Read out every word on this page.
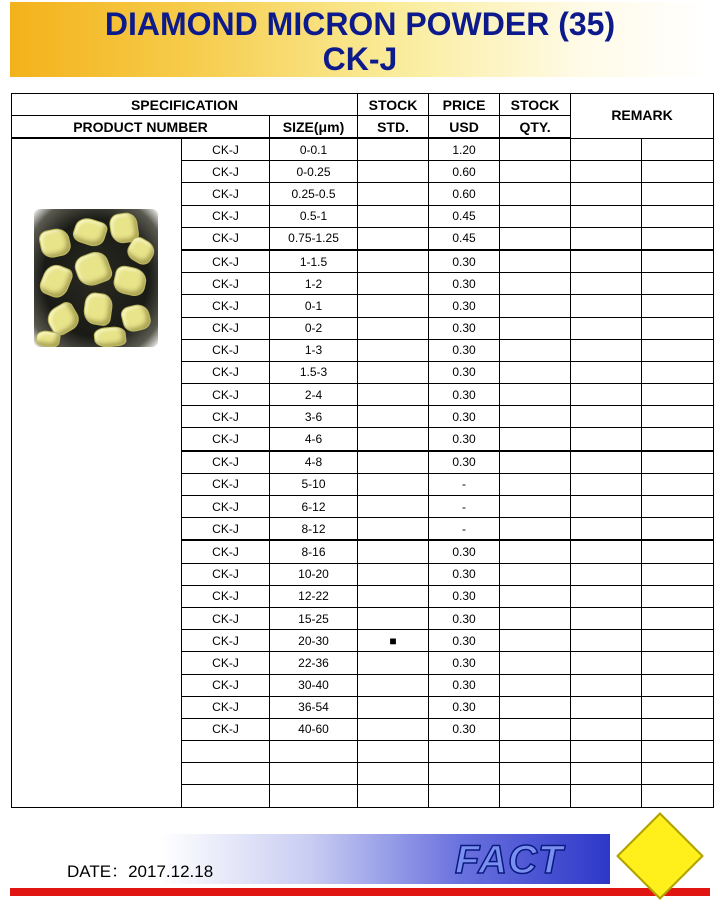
DIAMOND MICRON POWDER (35)
CK-J
SPECIFICATION			STOCK	PRICE	STOCK	REMARK	
PRODUCT NUMBER		SIZE(μm)	STD.	USD	QTY.		

	CK-J	0-0.1		1.20			
	CK-J	0-0.25		0.60			
	CK-J	0.25-0.5		0.60			
	CK-J	0.5-1		0.45			
	CK-J	0.75-1.25		0.45			
	CK-J	1-1.5		0.30			
	CK-J	1-2		0.30			
	CK-J	0-1		0.30			
	CK-J	0-2		0.30			
	CK-J	1-3		0.30			
	CK-J	1.5-3		0.30			
	CK-J	2-4		0.30			
	CK-J	3-6		0.30			
	CK-J	4-6		0.30			
	CK-J	4-8		0.30			
	CK-J	5-10		-			
	CK-J	6-12		-			
	CK-J	8-12		-			
	CK-J	8-16		0.30			
	CK-J	10-20		0.30			
	CK-J	12-22		0.30			
	CK-J	15-25		0.30			
	CK-J	20-30	■	0.30			
	CK-J	22-36		0.30			
	CK-J	30-40		0.30			
	CK-J	36-54		0.30			
	CK-J	40-60		0.30			

DATE：2017.12.18	FACT
